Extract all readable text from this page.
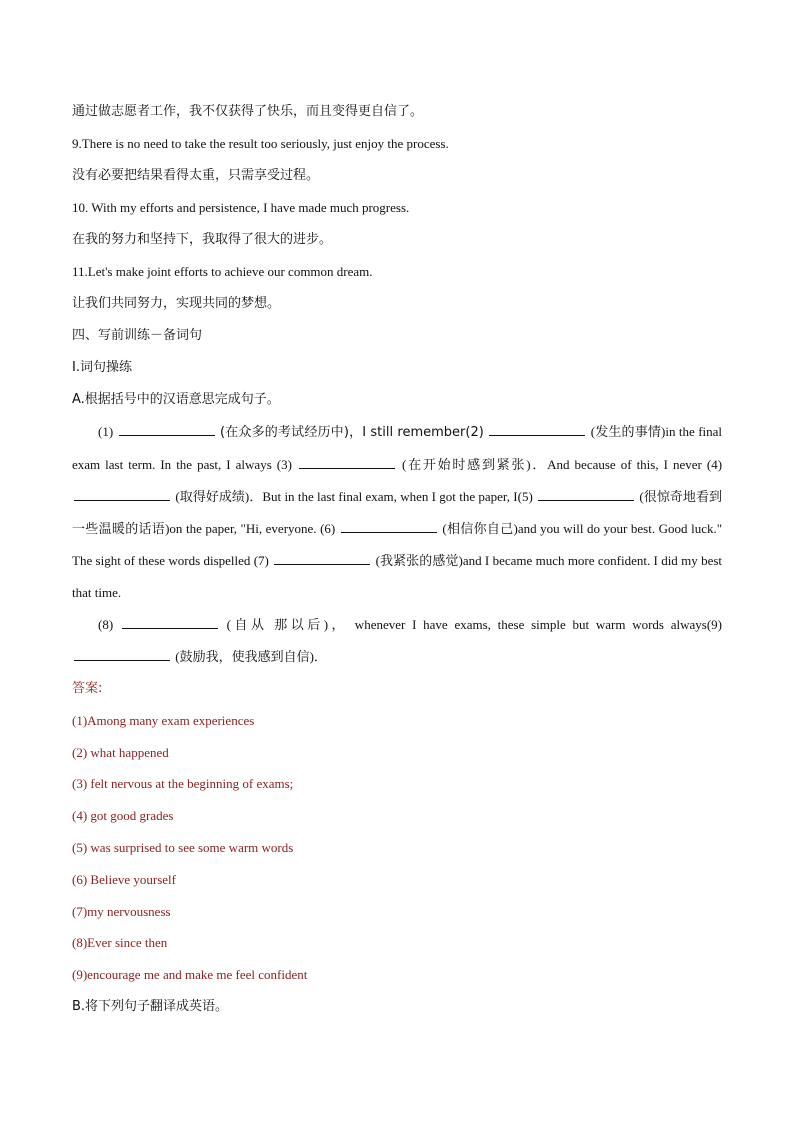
通过做志愿者工作，我不仅获得了快乐，而且变得更自信了。
9.There is no need to take the result too seriously, just enjoy the process.
没有必要把结果看得太重，只需享受过程。
10. With my efforts and persistence, I have made much progress.
在我的努力和坚持下，我取得了很大的进步。
11.Let's make joint efforts to achieve our common dream.
让我们共同努力，实现共同的梦想。
四、写前训练－备词句
I.词句操练
A.根据括号中的汉语意思完成句子。

(1)	(在众多的考试经历中)，I still remember(2)	(发生的事情)in the final exam last term. In the past, I always (3)	(在开始时感到紧张)．And because of this, I never (4)  (取得好成绩)．But in the last final exam, when I got the paper, I(5)	(很惊奇地看到一些温暖的话语)on the paper, "Hi, everyone. (6)	(相信你自己)and you will do your best. Good luck." The sight of these words dispelled (7)	(我紧张的感觉)and I became much more confident. I did my best that time.

(8)	(自从 那以后)， whenever I have exams, these simple but warm words always(9)  (鼓励我，使我感到自信)．

答案:
(1)Among many exam experiences
(2) what happened
(3) felt nervous at the beginning of exams;
(4) got good grades
(5) was surprised to see some warm words
(6) Believe yourself
(7)my nervousness
(8)Ever since then
(9)encourage me and make me feel confident
B.将下列句子翻译成英语。
